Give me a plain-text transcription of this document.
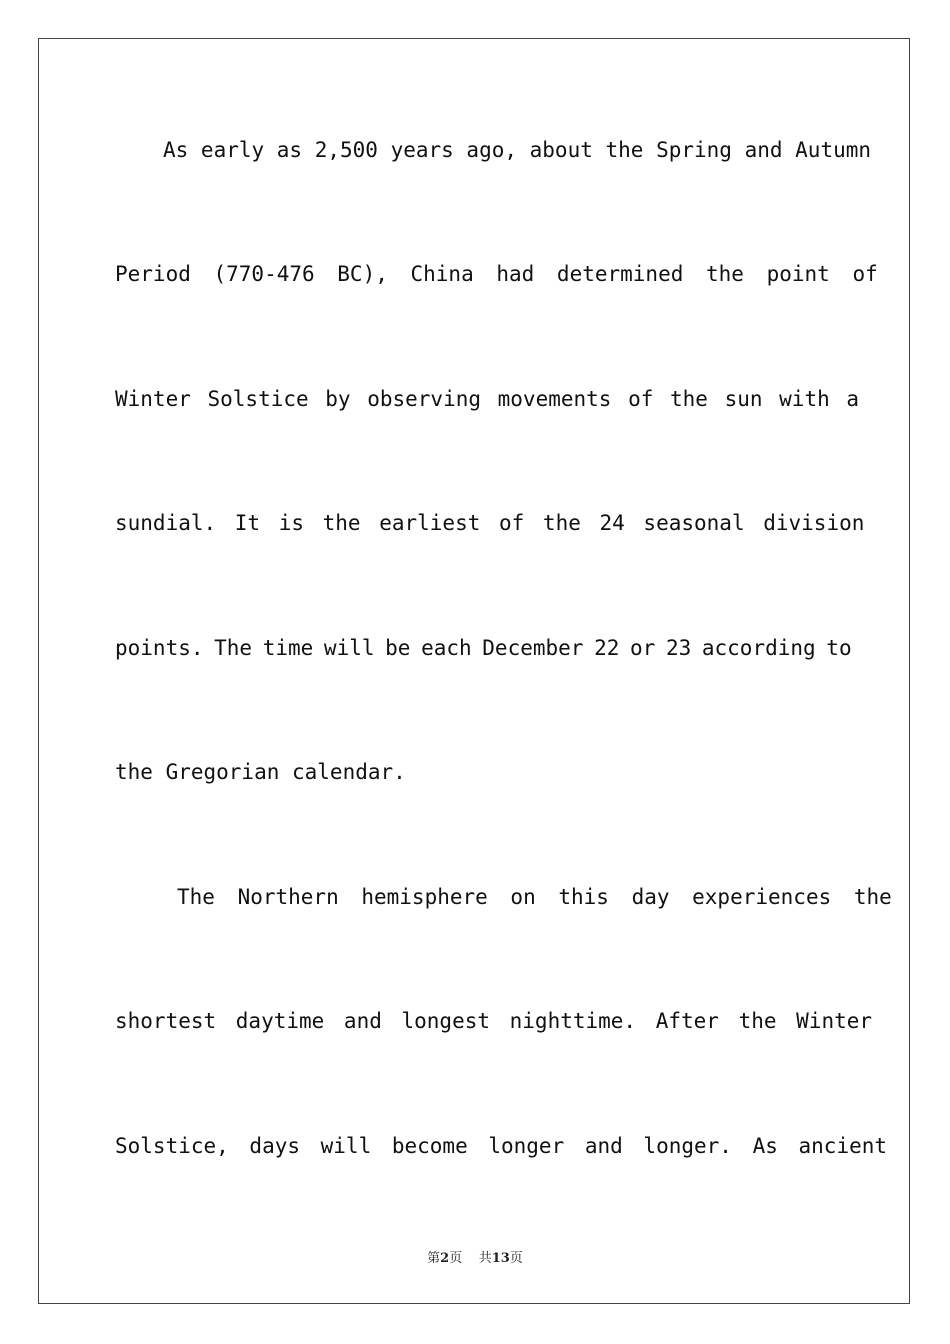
As early as 2,500 years ago, about the Spring and Autumn
Period (770-476 BC), China had determined the point of
Winter Solstice by observing movements of the sun with a
sundial. It is the earliest of the 24 seasonal division
points. The time will be each December 22 or 23 according to
the Gregorian calendar.
The Northern hemisphere on this day experiences the
shortest daytime and longest nighttime. After the Winter
Solstice, days will become longer and longer. As ancient
第2页 共13页
